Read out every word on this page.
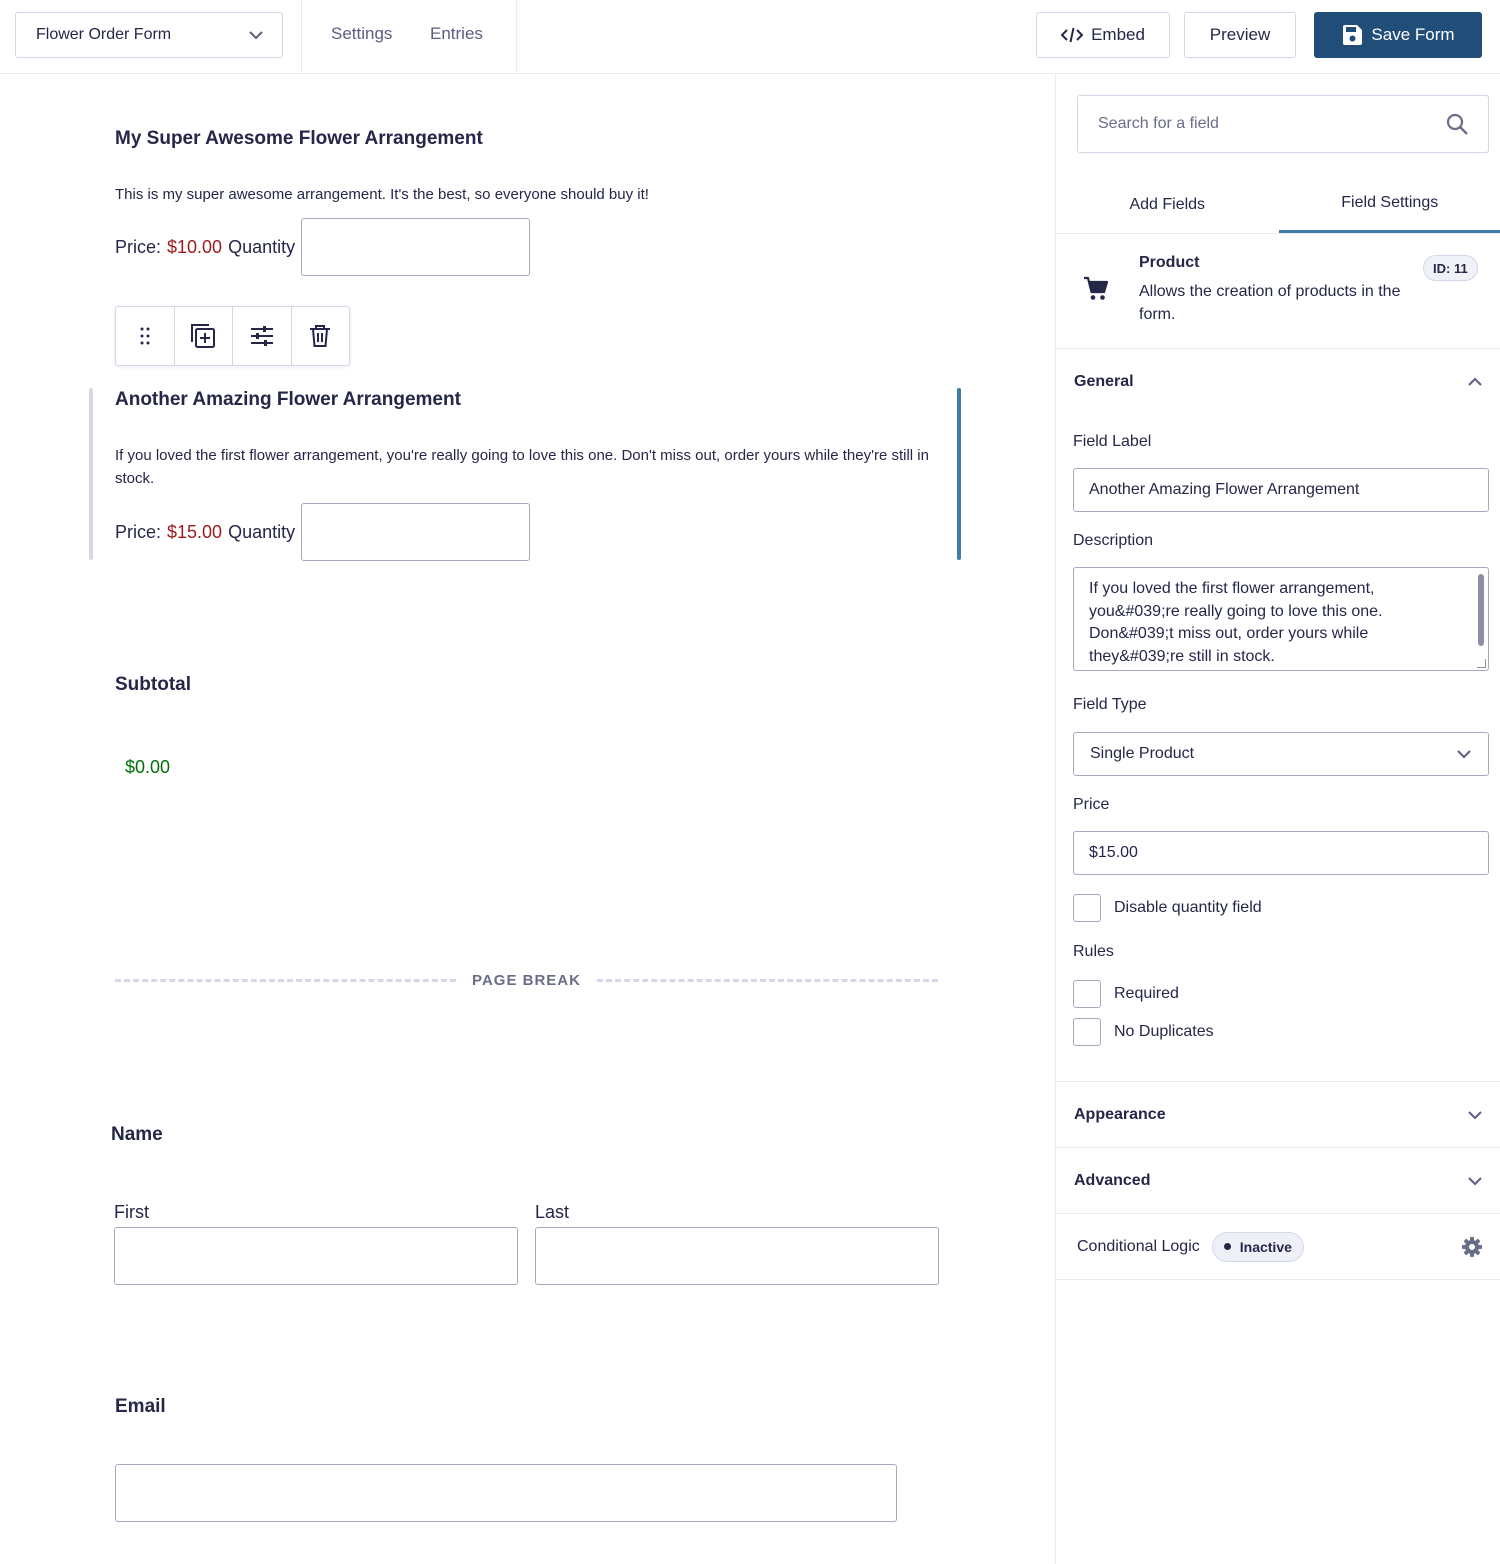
Flower Order Form	Settings Entries	Embed	Preview	Save Form
My Super Awesome Flower Arrangement
This is my super awesome arrangement. It's the best, so everyone should buy it!
Price: $10.00 Quantity
Another Amazing Flower Arrangement
If you loved the first flower arrangement, you're really going to love this one. Don't miss out, order yours while they're still in stock.
Price: $15.00 Quantity
Subtotal
$0.00
PAGE BREAK
Name
First	Last
Email
Search for a field
Add Fields	Field Settings
Product
Allows the creation of products in the form.
ID: 11
General
Field Label
Another Amazing Flower Arrangement
Description
If you loved the first flower arrangement, you&#039;re really going to love this one. Don&#039;t miss out, order yours while they&#039;re still in stock.
Field Type
Single Product
Price
$15.00
Disable quantity field
Rules
Required
No Duplicates
Appearance
Advanced
Conditional Logic	Inactive
